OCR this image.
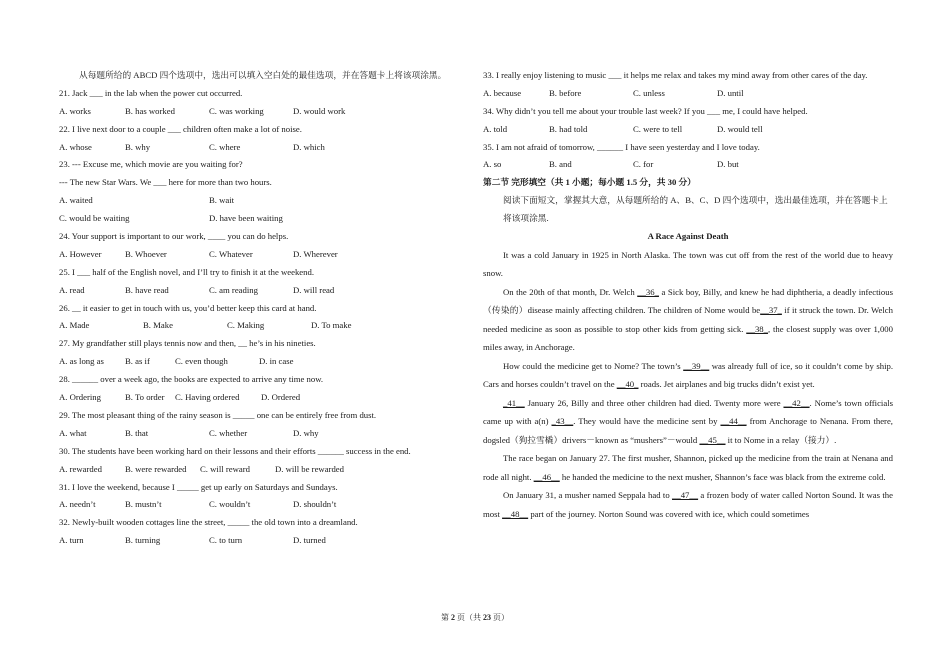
从每题所给的 ABCD 四个选项中，选出可以填入空白处的最佳选项，并在答题卡上将该项涂黑。
21. Jack ___ in the lab when the power cut occurred.
A. works	B. has worked	C. was working	D. would work
22. I live next door to a couple ___ children often make a lot of noise.
A. whose	B. why	C. where	D. which
23. --- Excuse me, which movie are you waiting for?
--- The new Star Wars. We ___ here for more than two hours.
A. waited	B. wait
C. would be waiting	D. have been waiting
24. Your support is important to our work, ____ you can do helps.
A. However	B. Whoever	C. Whatever	D. Wherever
25. I ___ half of the English novel, and I’ll try to finish it at the weekend.
A. read	B. have read	C. am reading	D. will read
26. __ it easier to get in touch with us, you’d better keep this card at hand.
A. Made	B. Make	C. Making	D. To make
27. My grandfather still plays tennis now and then, __ he’s in his nineties.
A. as long as	B. as if	C. even though	D. in case
28. ______ over a week ago, the books are expected to arrive any time now.
A. Ordering	B. To order	C. Having ordered	D. Ordered
29. The most pleasant thing of the rainy season is _____ one can be entirely free from dust.
A. what	B. that	C. whether	D. why
30. The students have been working hard on their lessons and their efforts ______ success in the end.
A. rewarded	B. were rewarded	C. will reward	D. will be rewarded
31. I love the weekend, because I _____ get up early on Saturdays and Sundays.
A. needn’t	B. mustn’t	C. wouldn’t	D. shouldn’t
32. Newly-built wooden cottages line the street, _____ the old town into a dreamland.
A. turn	B. turning	C. to turn	D. turned
33. I really enjoy listening to music ___ it helps me relax and takes my mind away from other cares of the day.
A. because	B. before	C. unless	D. until
34. Why didn’t you tell me about your trouble last week? If you ___ me, I could have helped.
A. told	B. had told	C. were to tell	D. would tell
35. I am not afraid of tomorrow, ______ I have seen yesterday and I love today.
A. so	B. and	C. for	D. but
第二节 完形填空（共 1 小题；每小题 1.5 分，共 30 分）
阅读下面短文，掌握其大意，从每题所给的 A、B、C、D 四个选项中，选出最佳选项，并在答题卡上将该项涂黑.
A Race Against Death

It was a cold January in 1925 in North Alaska. The town was cut off from the rest of the world due to heavy snow.

On the 20th of that month, Dr. Welch __36_ a Sick boy, Billy, and knew he had diphtheria, a deadly infectious（传染的）disease mainly affecting children. The children of Nome would be__37_ if it struck the town. Dr. Welch needed medicine as soon as possible to stop other kids from getting sick. __38_, the closest supply was over 1,000 miles away, in Anchorage.

How could the medicine get to Nome? The town’s __39__ was already full of ice, so it couldn’t come by ship. Cars and horses couldn’t travel on the __40_ roads. Jet airplanes and big trucks didn’t exist yet.

_41__ January 26, Billy and three other children had died. Twenty more were __42__. Nome’s town officials came up with a(n) _43__. They would have the medicine sent by __44__ from Anchorage to Nenana. From there, dogsled（狗拉雪橇）drivers－known as “mushers”－would __45__ it to Nome in a relay（接力）.

The race began on January 27. The first musher, Shannon, picked up the medicine from the train at Nenana and rode all night. __46__ he handed the medicine to the next musher, Shannon’s face was black from the extreme cold.

On January 31, a musher named Seppala had to __47__ a frozen body of water called Norton Sound. It was the most __48__ part of the journey. Norton Sound was covered with ice, which could sometimes

第 2 页（共 23 页）
